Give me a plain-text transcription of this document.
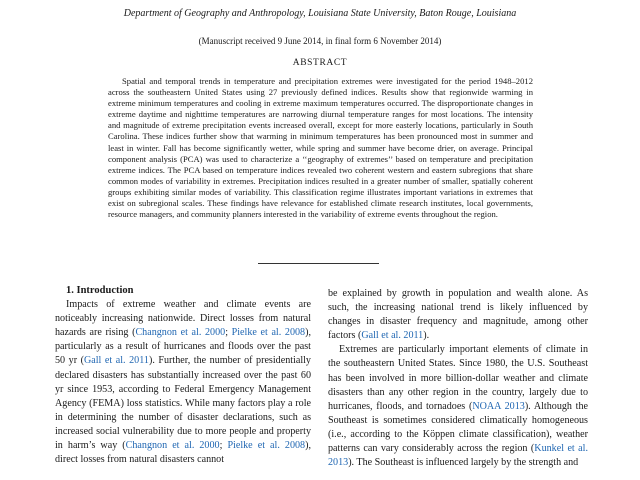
Department of Geography and Anthropology, Louisiana State University, Baton Rouge, Louisiana
(Manuscript received 9 June 2014, in final form 6 November 2014)
ABSTRACT

Spatial and temporal trends in temperature and precipitation extremes were investigated for the period 1948–2012 across the southeastern United States using 27 previously defined indices. Results show that regionwide warming in extreme minimum temperatures and cooling in extreme maximum temperatures occurred. The disproportionate changes in extreme daytime and nighttime temperatures are narrowing diurnal temperature ranges for most locations. The intensity and magnitude of extreme precipitation events increased overall, except for more easterly locations, particularly in South Carolina. These indices further show that warming in minimum temperatures has been pronounced most in summer and least in winter. Fall has become significantly wetter, while spring and summer have become drier, on average. Principal component analysis (PCA) was used to characterize a ‘‘geography of extremes’’ based on temperature and precipitation extreme indices. The PCA based on temperature indices revealed two coherent western and eastern subregions that share common modes of variability in extremes. Precipitation indices resulted in a greater number of smaller, spatially coherent groups exhibiting similar modes of variability. This classification regime illustrates important variations in extremes that exist on subregional scales. These findings have relevance for established climate research institutes, local governments, resource managers, and community planners interested in the variability of extreme events throughout the region.

1. Introduction

Impacts of extreme weather and climate events are noticeably increasing nationwide. Direct losses from natural hazards are rising (Changnon et al. 2000; Pielke et al. 2008), particularly as a result of hurricanes and floods over the past 50 yr (Gall et al. 2011). Further, the number of presidentially declared disasters has substantially increased over the past 60 yr since 1953, according to Federal Emergency Management Agency (FEMA) loss statistics. While many factors play a role in determining the number of disaster declarations, such as increased social vulnerability due to more people and property in harm’s way (Changnon et al. 2000; Pielke et al. 2008), direct losses from natural disasters cannot

be explained by growth in population and wealth alone. As such, the increasing national trend is likely influenced by changes in disaster frequency and magnitude, among other factors (Gall et al. 2011).

Extremes are particularly important elements of climate in the southeastern United States. Since 1980, the U.S. Southeast has been involved in more billion-dollar weather and climate disasters than any other region in the country, largely due to hurricanes, floods, and tornadoes (NOAA 2013). Although the Southeast is sometimes considered climatically homogeneous (i.e., according to the Köppen climate classification), weather patterns can vary considerably across the region (Kunkel et al. 2013). The Southeast is influenced largely by the strength and
